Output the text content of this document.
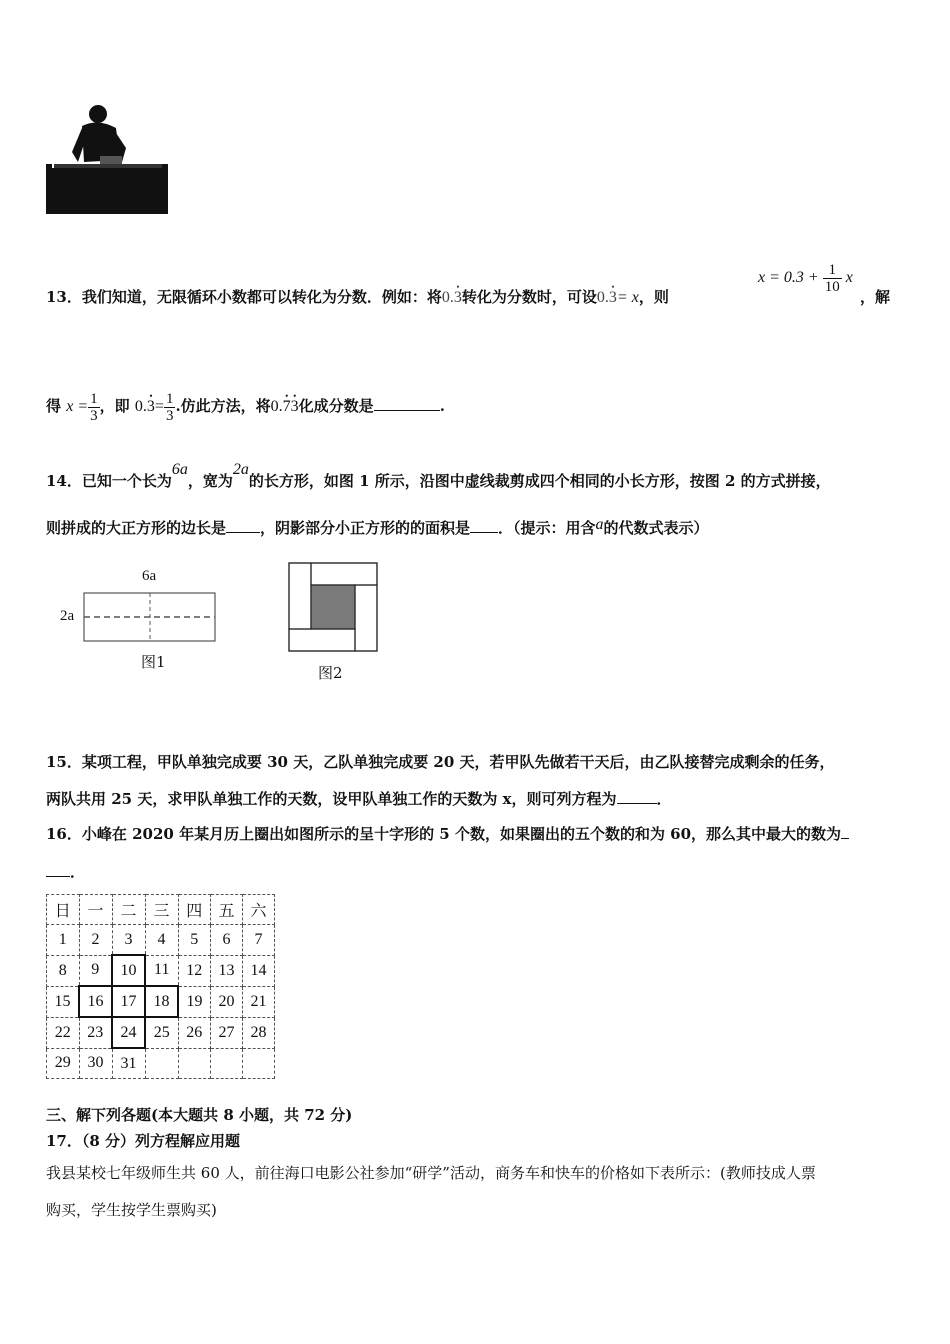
13．我们知道，无限循环小数都可以转化为分数．例如：将0.• 3转化为分数时，可设0.• 3= x，则
$x = 0.3 + \frac{1}{10}$ x
，解
得 $x = \frac{1}{3}$ ，即 0.• $3= \frac{1}{3}$ .仿此方法，将0.• 7• 3化成分数是	.
14．已知一个长为6a，宽为2a的长方形，如图 1 所示，沿图中虚线裁剪成四个相同的小长方形，按图 2 的方式拼接，
则拼成的大正方形的边长是 ，阴影部分小正方形的的面积是 ．（提示：用含a的代数式表示）
6a
2a
图1
图2
15．某项工程，甲队单独完成要 30 天，乙队单独完成要 20 天，若甲队先做若干天后，由乙队接替完成剩余的任务，
两队共用 25 天，求甲队单独工作的天数，设甲队单独工作的天数为 x，则可列方程为	．
16．小峰在 2020 年某月历上圈出如图所示的呈十字形的 5 个数，如果圈出的五个数的和为 60，那么其中最大的数为
．
日	一	二	三	四	五	六
1	2	3	4	5	6	7
8	9	10	11	12	13	14
15	16	17	18	19	20	21
22	23	24	25	26	27	28
29	30	31				
三、解下列各题(本大题共 8 小题，共 72 分)
17．（8 分）列方程解应用题
我县某校七年级师生共 60 人，前往海口电影公社参加“研学”活动，商务车和快车的价格如下表所示：(教师技成人票
购买，学生按学生票购买)
